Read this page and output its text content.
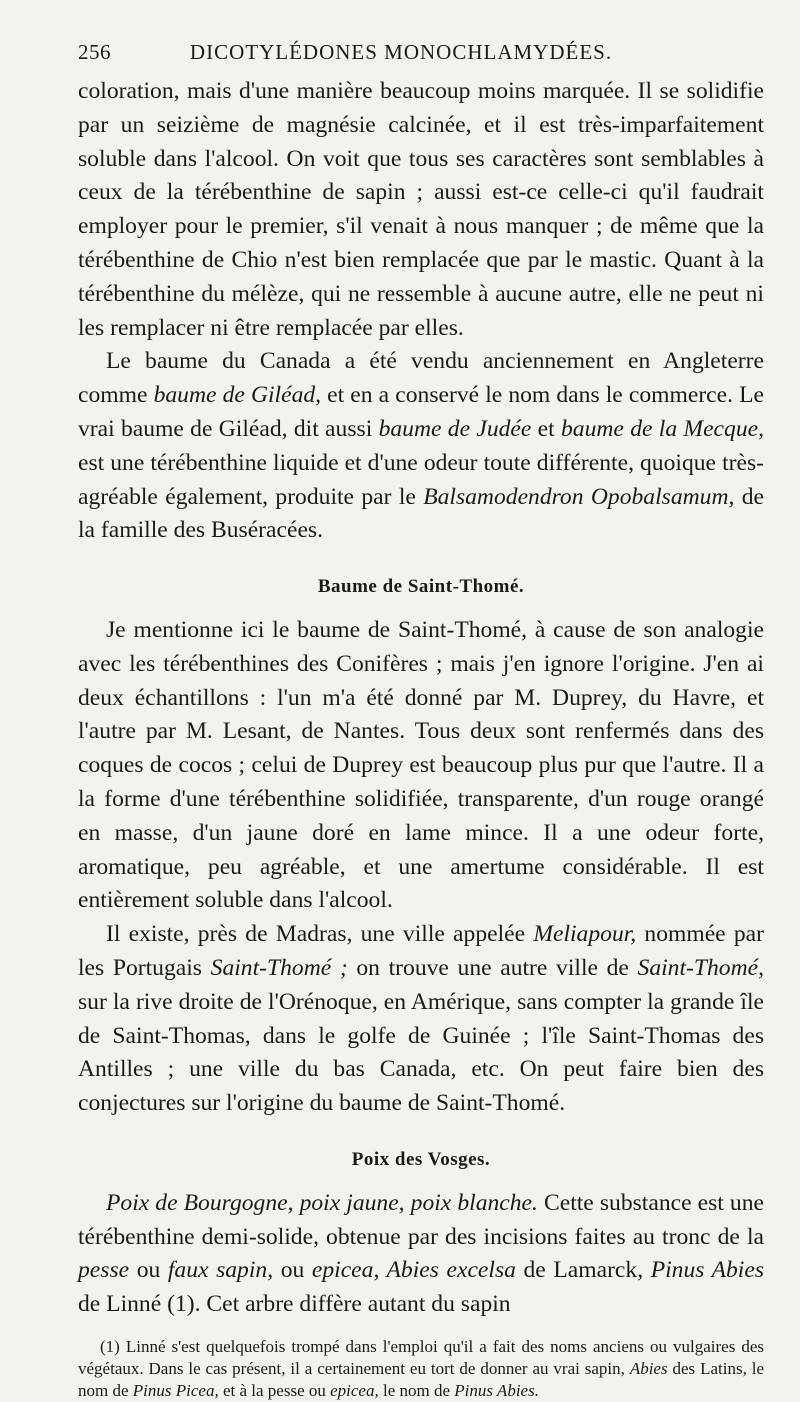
256	DICOTYLÉDONES MONOCHLAMYDÉES.

coloration, mais d'une manière beaucoup moins marquée. Il se solidifie par un seizième de magnésie calcinée, et il est très-imparfaitement soluble dans l'alcool. On voit que tous ses caractères sont semblables à ceux de la térébenthine de sapin ; aussi est-ce celle-ci qu'il faudrait employer pour le premier, s'il venait à nous manquer ; de même que la térébenthine de Chio n'est bien remplacée que par le mastic. Quant à la térébenthine du mélèze, qui ne ressemble à aucune autre, elle ne peut ni les remplacer ni être remplacée par elles.

Le baume du Canada a été vendu anciennement en Angleterre comme baume de Giléad, et en a conservé le nom dans le commerce. Le vrai baume de Giléad, dit aussi baume de Judée et baume de la Mecque, est une térébenthine liquide et d'une odeur toute différente, quoique très-agréable également, produite par le Balsamodendron Opobalsamum, de la famille des Buséracées.

Baume de Saint-Thomé.

Je mentionne ici le baume de Saint-Thomé, à cause de son analogie avec les térébenthines des Conifères ; mais j'en ignore l'origine. J'en ai deux échantillons : l'un m'a été donné par M. Duprey, du Havre, et l'autre par M. Lesant, de Nantes. Tous deux sont renfermés dans des coques de cocos ; celui de Duprey est beaucoup plus pur que l'autre. Il a la forme d'une térébenthine solidifiée, transparente, d'un rouge orangé en masse, d'un jaune doré en lame mince. Il a une odeur forte, aromatique, peu agréable, et une amertume considérable. Il est entièrement soluble dans l'alcool.

Il existe, près de Madras, une ville appelée Meliapour, nommée par les Portugais Saint-Thomé ; on trouve une autre ville de Saint-Thomé, sur la rive droite de l'Orénoque, en Amérique, sans compter la grande île de Saint-Thomas, dans le golfe de Guinée ; l'île Saint-Thomas des Antilles ; une ville du bas Canada, etc. On peut faire bien des conjectures sur l'origine du baume de Saint-Thomé.

Poix des Vosges.

Poix de Bourgogne, poix jaune, poix blanche. Cette substance est une térébenthine demi-solide, obtenue par des incisions faites au tronc de la pesse ou faux sapin, ou epicea, Abies excelsa de Lamarck, Pinus Abies de Linné (1). Cet arbre diffère autant du sapin

(1) Linné s'est quelquefois trompé dans l'emploi qu'il a fait des noms anciens ou vulgaires des végétaux. Dans le cas présent, il a certainement eu tort de donner au vrai sapin, Abies des Latins, le nom de Pinus Picea, et à la pesse ou epicea, le nom de Pinus Abies.
